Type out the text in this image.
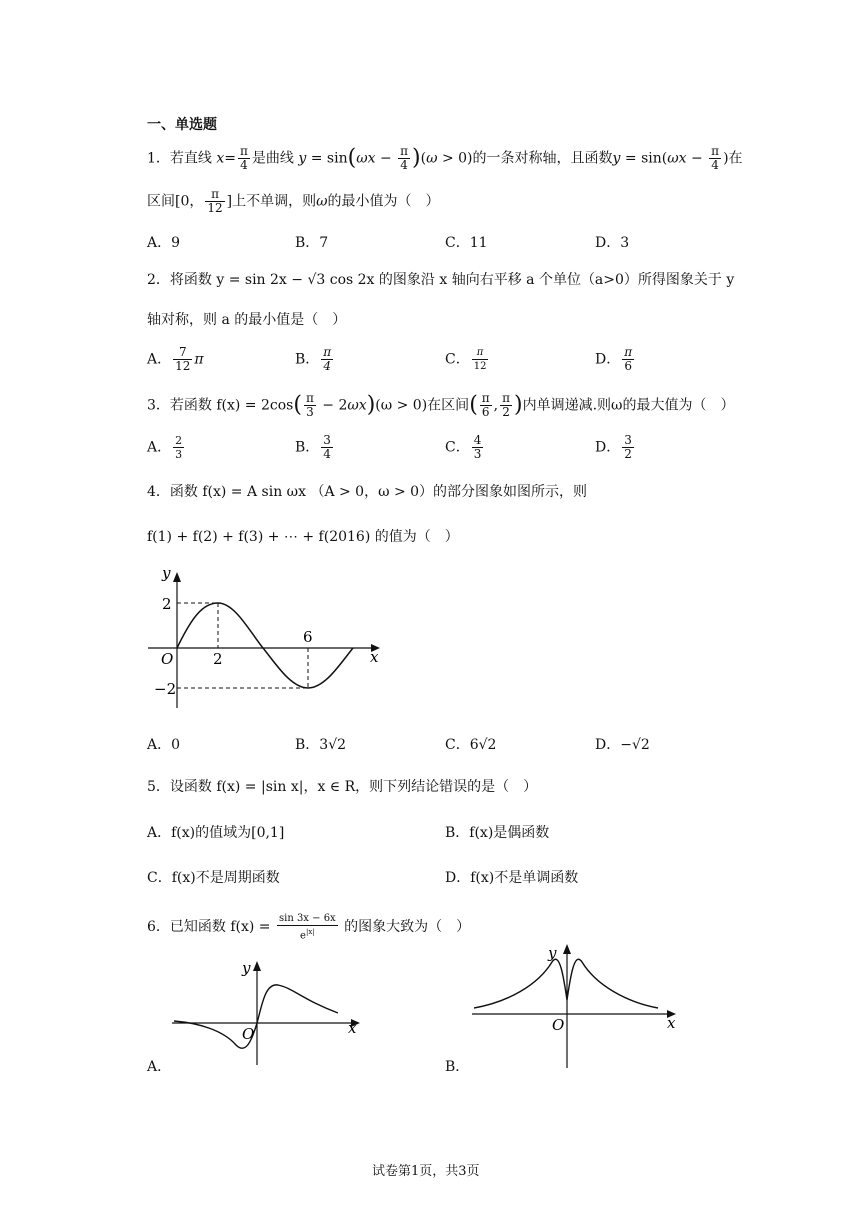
一、单选题
1．若直线 $x= \frac{\pi}{4}$ 是曲线 $y = \sin(\omega x - \frac{\pi}{4} )(\omega > 0)$的一条对称轴，且函数$y = \sin(\omega x - \frac{\pi}{4}$ )在
区间[0， $\frac{\pi}{12}$ ]上不单调，则ω的最小值为（　）
A．9	B．7	C．11	D．3
2．将函数 y = sin 2x − √3 cos 2x 的图象沿 x 轴向右平移 a 个单位（a>0）所得图象关于 y
轴对称，则 a 的最小值是（　）
A． $\frac{7}{12}$ π	B． $\frac{\pi}{4}$	C． $\frac{\pi}{12}$	D． $\frac{\pi}{6}$
3．若函数 $f(x) = 2\cos( \frac{\pi}{3} - 2\omega x)(\omega > 0)$在区间( $\frac{\pi}{6}$ , $\frac{\pi}{2}$ )内单调递减.则ω的最大值为（　）
A． $\frac{2}{3}$	B． $\frac{3}{4}$	C． $\frac{4}{3}$	D． $\frac{3}{2}$
4．函数 f(x) = A sin ωx （A > 0，ω > 0）的部分图象如图所示，则
f(1) + f(2) + f(3) + ⋯ + f(2016) 的值为（　）
y
x
O
2
−2
2
6
A．0	B．3√2	C．6√2	D．−√2
5．设函数 f(x) = |sin x|，x ∈ R，则下列结论错误的是（　）
A．f(x)的值域为[0,1]	B．f(x)是偶函数
C．f(x)不是周期函数	D．f(x)不是单调函数
6．已知函数 $f(x) = \frac{\sin 3x - 6x}{e^{|x|}}$ 的图象大致为（　）
y
x
O
A．
y
x
O
B．
试卷第1页，共3页
